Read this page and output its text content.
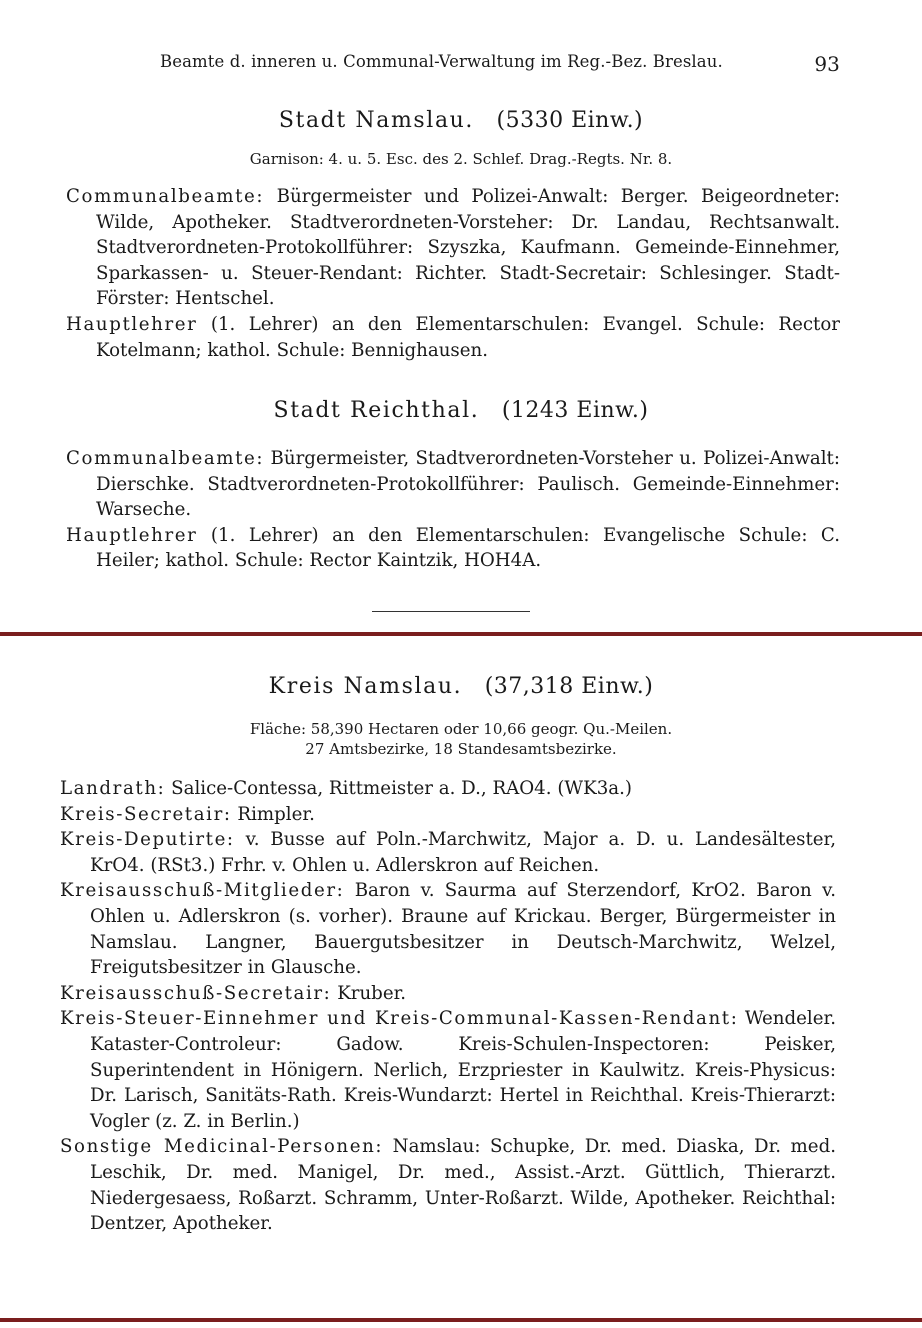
Beamte d. inneren u. Communal-Verwaltung im Reg.-Bez. Breslau.	93
Stadt Namslau. (5330 Einw.)
Garnison: 4. u. 5. Esc. des 2. Schlef. Drag.-Regts. Nr. 8.

Communalbeamte: Bürgermeister und Polizei-Anwalt: Berger. Beigeordneter: Wilde, Apotheker. Stadtverordneten-Vorsteher: Dr. Landau, Rechtsanwalt. Stadtverordneten-Protokollführer: Szyszka, Kaufmann. Gemeinde-Einnehmer, Sparkassen- u. Steuer-Rendant: Richter. Stadt-Secretair: Schlesinger. Stadt-Förster: Hentschel.

Hauptlehrer (1. Lehrer) an den Elementarschulen: Evangel. Schule: Rector Kotelmann; kathol. Schule: Bennighausen.

Stadt Reichthal. (1243 Einw.)

Communalbeamte: Bürgermeister, Stadtverordneten-Vorsteher u. Polizei-Anwalt: Dierschke. Stadtverordneten-Protokollführer: Paulisch. Gemeinde-Einnehmer: Warseche.

Hauptlehrer (1. Lehrer) an den Elementarschulen: Evangelische Schule: C. Heiler; kathol. Schule: Rector Kaintzik, HOH4A.

Kreis Namslau. (37,318 Einw.)
Fläche: 58,390 Hectaren oder 10,66 geogr. Qu.-Meilen.
27 Amtsbezirke, 18 Standesamtsbezirke.

Landrath: Salice-Contessa, Rittmeister a. D., RAO4. (WK3a.)

Kreis-Secretair: Rimpler.

Kreis-Deputirte: v. Busse auf Poln.-Marchwitz, Major a. D. u. Landesältester, KrO4. (RSt3.) Frhr. v. Ohlen u. Adlerskron auf Reichen.

Kreisausschuß-Mitglieder: Baron v. Saurma auf Sterzendorf, KrO2. Baron v. Ohlen u. Adlerskron (s. vorher). Braune auf Krickau. Berger, Bürgermeister in Namslau. Langner, Bauergutsbesitzer in Deutsch-Marchwitz, Welzel, Freigutsbesitzer in Glausche.

Kreisausschuß-Secretair: Kruber.

Kreis-Steuer-Einnehmer und Kreis-Communal-Kassen-Rendant: Wendeler. Kataster-Controleur: Gadow. Kreis-Schulen-Inspectoren: Peisker, Superintendent in Hönigern. Nerlich, Erzpriester in Kaulwitz. Kreis-Physicus: Dr. Larisch, Sanitäts-Rath. Kreis-Wundarzt: Hertel in Reichthal. Kreis-Thierarzt: Vogler (z. Z. in Berlin.)

Sonstige Medicinal-Personen: Namslau: Schupke, Dr. med. Diaska, Dr. med. Leschik, Dr. med. Manigel, Dr. med., Assist.-Arzt. Güttlich, Thierarzt. Niedergesaess, Roßarzt. Schramm, Unter-Roßarzt. Wilde, Apotheker. Reichthal: Dentzer, Apotheker.
